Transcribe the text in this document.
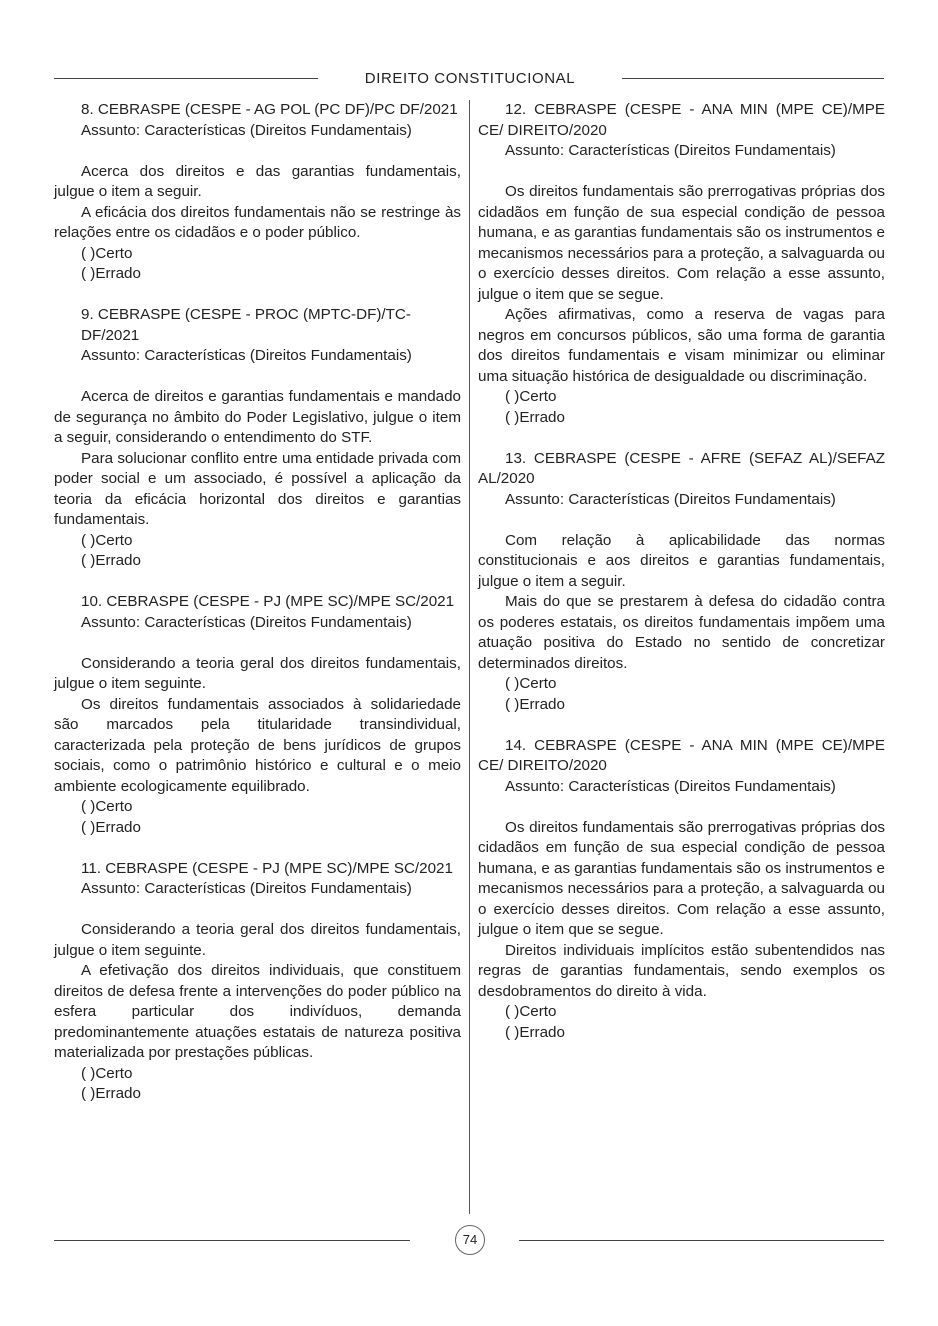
DIREITO CONSTITUCIONAL

8. CEBRASPE (CESPE - AG POL (PC DF)/PC DF/2021

Assunto: Características (Direitos Fundamentais)

Acerca dos direitos e das garantias fundamentais, julgue o item a seguir.

A eficácia dos direitos fundamentais não se restringe às relações entre os cidadãos e o poder público.

( )Certo

( )Errado

9. CEBRASPE (CESPE - PROC (MPTC-DF)/TC-DF/2021

Assunto: Características (Direitos Fundamentais)

Acerca de direitos e garantias fundamentais e mandado de segurança no âmbito do Poder Legislativo, julgue o item a seguir, considerando o entendimento do STF.

Para solucionar conflito entre uma entidade privada com poder social e um associado, é possível a aplicação da teoria da eficácia horizontal dos direitos e garantias fundamentais.

( )Certo

( )Errado

10. CEBRASPE (CESPE - PJ (MPE SC)/MPE SC/2021

Assunto: Características (Direitos Fundamentais)

Considerando a teoria geral dos direitos fundamentais, julgue o item seguinte.

Os direitos fundamentais associados à solidariedade são marcados pela titularidade transindividual, caracterizada pela proteção de bens jurídicos de grupos sociais, como o patrimônio histórico e cultural e o meio ambiente ecologicamente equilibrado.

( )Certo

( )Errado

11. CEBRASPE (CESPE - PJ (MPE SC)/MPE SC/2021

Assunto: Características (Direitos Fundamentais)

Considerando a teoria geral dos direitos fundamentais, julgue o item seguinte.

A efetivação dos direitos individuais, que constituem direitos de defesa frente a intervenções do poder público na esfera particular dos indivíduos, demanda predominantemente atuações estatais de natureza positiva materializada por prestações públicas.

( )Certo

( )Errado

12. CEBRASPE (CESPE - ANA MIN (MPE CE)/MPE CE/ DIREITO/2020

Assunto: Características (Direitos Fundamentais)

Os direitos fundamentais são prerrogativas próprias dos cidadãos em função de sua especial condição de pessoa humana, e as garantias fundamentais são os instrumentos e mecanismos necessários para a proteção, a salvaguarda ou o exercício desses direitos. Com relação a esse assunto, julgue o item que se segue.

Ações afirmativas, como a reserva de vagas para negros em concursos públicos, são uma forma de garantia dos direitos fundamentais e visam minimizar ou eliminar uma situação histórica de desigualdade ou discriminação.

( )Certo

( )Errado

13. CEBRASPE (CESPE - AFRE (SEFAZ AL)/SEFAZ AL/2020

Assunto: Características (Direitos Fundamentais)

Com relação à aplicabilidade das normas constitucionais e aos direitos e garantias fundamentais, julgue o item a seguir.

Mais do que se prestarem à defesa do cidadão contra os poderes estatais, os direitos fundamentais impõem uma atuação positiva do Estado no sentido de concretizar determinados direitos.

( )Certo

( )Errado

14. CEBRASPE (CESPE - ANA MIN (MPE CE)/MPE CE/ DIREITO/2020

Assunto: Características (Direitos Fundamentais)

Os direitos fundamentais são prerrogativas próprias dos cidadãos em função de sua especial condição de pessoa humana, e as garantias fundamentais são os instrumentos e mecanismos necessários para a proteção, a salvaguarda ou o exercício desses direitos. Com relação a esse assunto, julgue o item que se segue.

Direitos individuais implícitos estão subentendidos nas regras de garantias fundamentais, sendo exemplos os desdobramentos do direito à vida.

( )Certo

( )Errado

74
